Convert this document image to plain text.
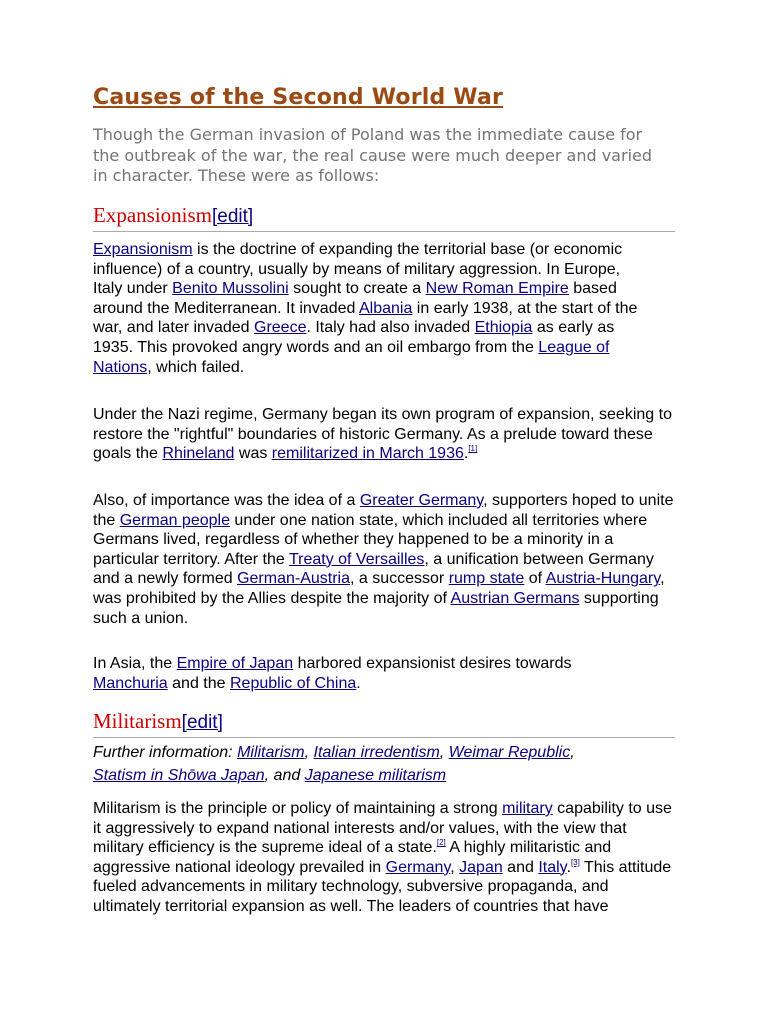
Causes of the Second World War

Though the German invasion of Poland was the immediate cause for the outbreak of the war, the real cause were much deeper and varied in character. These were as follows:

Expansionism[edit]

Expansionism is the doctrine of expanding the territorial base (or economic influence) of a country, usually by means of military aggression. In Europe, Italy under Benito Mussolini sought to create a New Roman Empire based around the Mediterranean. It invaded Albania in early 1938, at the start of the war, and later invaded Greece. Italy had also invaded Ethiopia as early as 1935. This provoked angry words and an oil embargo from the League of Nations, which failed.

Under the Nazi regime, Germany began its own program of expansion, seeking to restore the "rightful" boundaries of historic Germany. As a prelude toward these goals the Rhineland was remilitarized in March 1936.[1]

Also, of importance was the idea of a Greater Germany, supporters hoped to unite the German people under one nation state, which included all territories where Germans lived, regardless of whether they happened to be a minority in a particular territory. After the Treaty of Versailles, a unification between Germany and a newly formed German-Austria, a successor rump state of Austria-Hungary, was prohibited by the Allies despite the majority of Austrian Germans supporting such a union.

In Asia, the Empire of Japan harbored expansionist desires towards Manchuria and the Republic of China.

Militarism[edit]

Further information: Militarism, Italian irredentism, Weimar Republic, Statism in Shōwa Japan, and Japanese militarism

Militarism is the principle or policy of maintaining a strong military capability to use it aggressively to expand national interests and/or values, with the view that military efficiency is the supreme ideal of a state.[2] A highly militaristic and aggressive national ideology prevailed in Germany, Japan and Italy.[3] This attitude fueled advancements in military technology, subversive propaganda, and ultimately territorial expansion as well. The leaders of countries that have
